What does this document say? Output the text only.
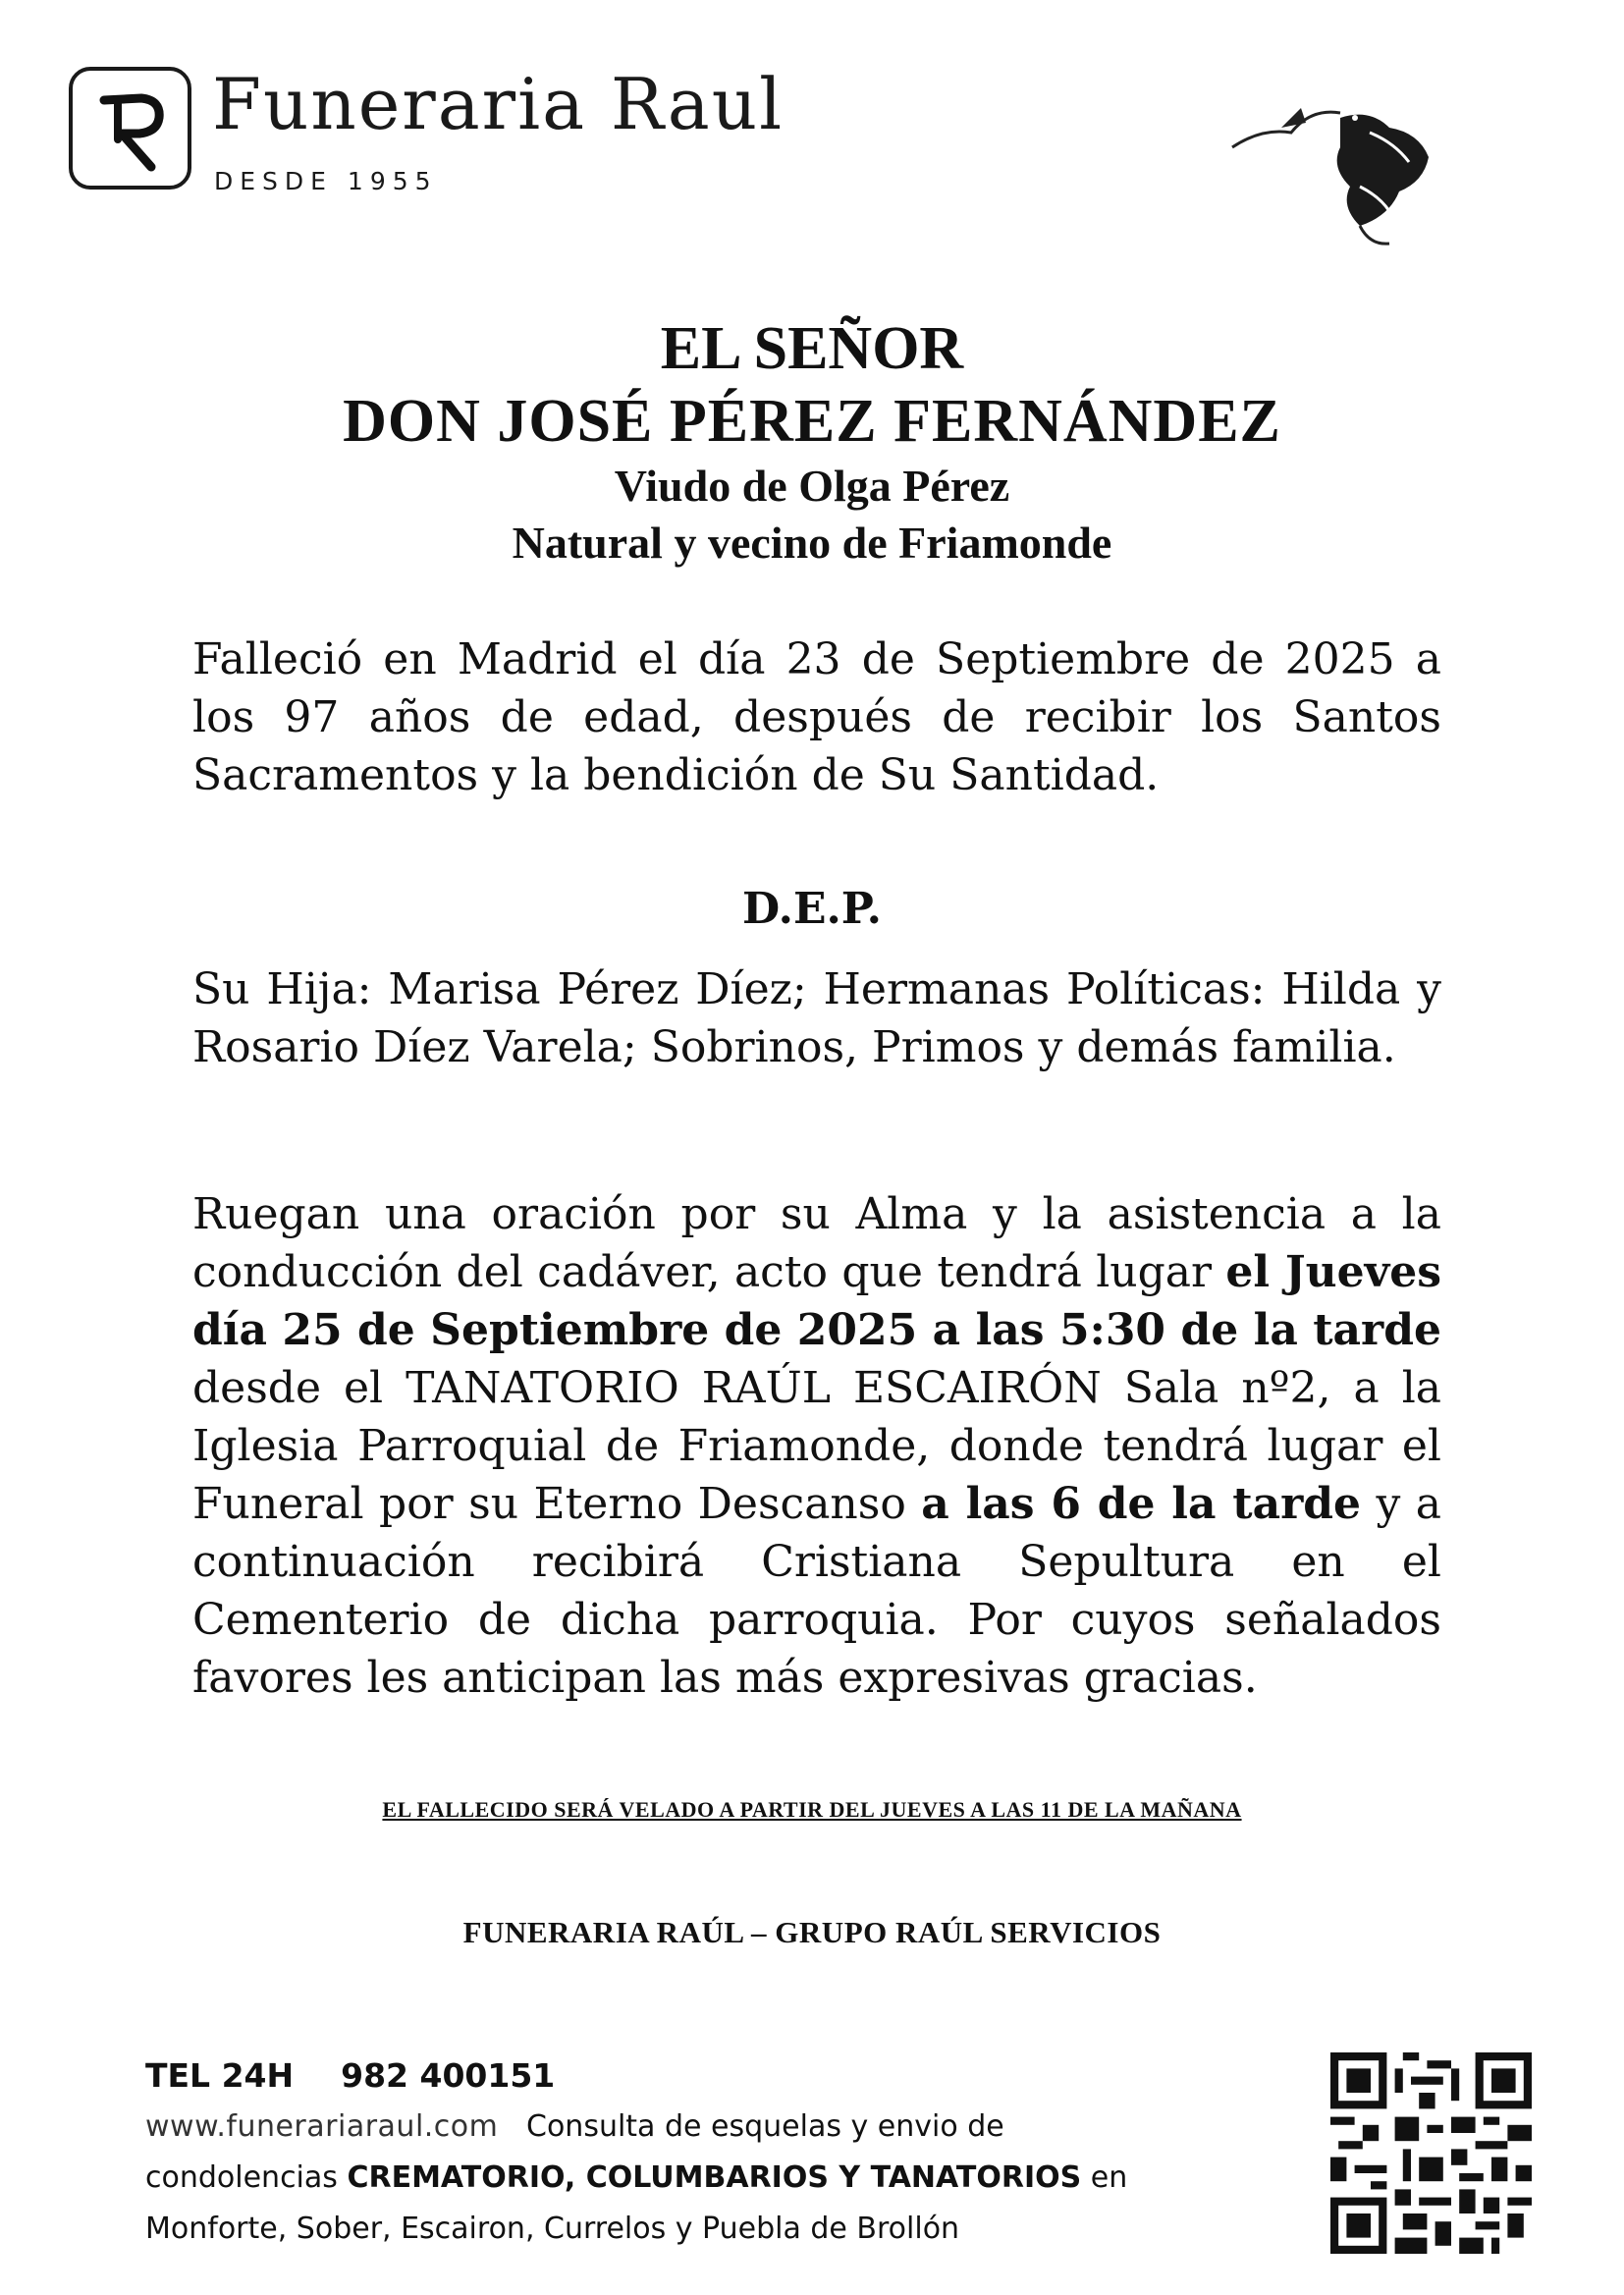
Funeraria Raul
DESDE 1955
EL SEÑOR
DON JOSÉ PÉREZ FERNÁNDEZ
Viudo de Olga Pérez
Natural y vecino de Friamonde
Falleció en Madrid el día 23 de Septiembre de 2025 a los 97 años de edad, después de recibir los Santos Sacramentos y la bendición de Su Santidad.
D.E.P.
Su Hija: Marisa Pérez Díez; Hermanas Políticas: Hilda y Rosario Díez Varela; Sobrinos, Primos y demás familia.
Ruegan una oración por su Alma y la asistencia a la conducción del cadáver, acto que tendrá lugar el Jueves día 25 de Septiembre de 2025 a las 5:30 de la tarde desde el TANATORIO RAÚL ESCAIRÓN Sala nº2, a la Iglesia Parroquial de Friamonde, donde tendrá lugar el Funeral por su Eterno Descanso a las 6 de la tarde y a continuación recibirá Cristiana Sepultura en el Cementerio de dicha parroquia. Por cuyos señalados favores les anticipan las más expresivas gracias.
EL FALLECIDO SERÁ VELADO A PARTIR DEL JUEVES A LAS 11 DE LA MAÑANA
FUNERARIA RAÚL – GRUPO RAÚL SERVICIOS
TEL 24H 982 400151
www.funerariaraul.com Consulta de esquelas y envio de
condolencias CREMATORIO, COLUMBARIOS Y TANATORIOS en
Monforte, Sober, Escairon, Currelos y Puebla de Brollón
